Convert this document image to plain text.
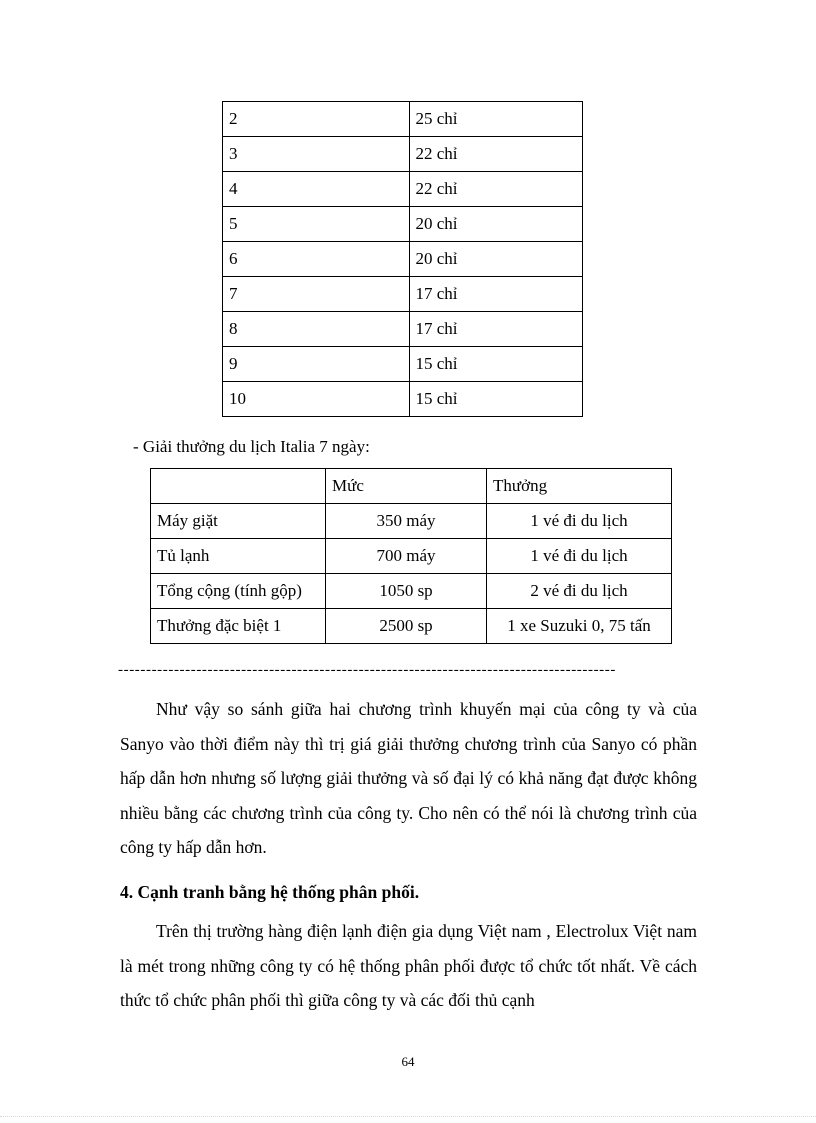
2	25 chỉ
3	22 chỉ
4	22 chỉ
5	20 chỉ
6	20 chỉ
7	17 chỉ
8	17 chỉ
9	15 chỉ
10	15 chỉ
- Giải thưởng du lịch Italia 7 ngày:
	Mức	Thưởng
Máy giặt	350 máy	1 vé đi du lịch
Tủ lạnh	700 máy	1 vé đi du lịch
Tổng cộng (tính gộp)	1050 sp	2 vé đi du lịch
Thưởng đặc biệt 1	2500 sp	1 xe Suzuki 0, 75 tấn
-----------------------------------------------------------------------------------------

Như vậy so sánh giữa hai chương trình khuyến mại của công ty và của Sanyo vào thời điểm này thì trị giá giải thưởng chương trình của Sanyo có phần hấp dẫn hơn nhưng số lượng giải thưởng và số đại lý có khả năng đạt được không nhiều bằng các chương trình của công ty. Cho nên có thể nói là chương trình của công ty hấp dẫn hơn.

4. Cạnh tranh bằng hệ thống phân phối.

Trên thị trường hàng điện lạnh điện gia dụng Việt nam , Electrolux Việt nam là mét trong những công ty có hệ thống phân phối được tổ chức tốt nhất. Về cách thức tổ chức phân phối thì giữa công ty và các đối thủ cạnh

64
